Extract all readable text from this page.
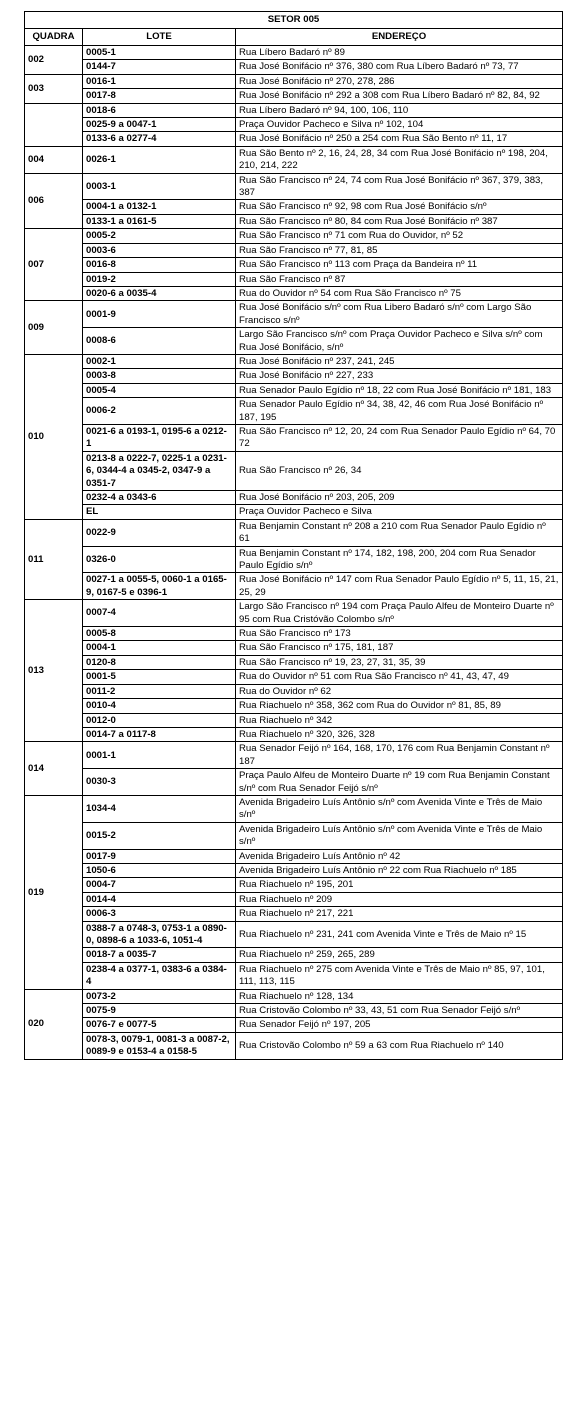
SETOR 005		
QUADRA	LOTE	ENDEREÇO
002	0005-1	Rua Líbero Badaró nº 89
	0144-7	Rua José Bonifácio nº 376, 380 com Rua Líbero Badaró nº 73, 77
003	0016-1	Rua José Bonifácio nº 270, 278, 286
	0017-8	Rua José Bonifácio nº 292 a 308 com Rua Líbero Badaró nº 82, 84, 92
	0018-6	Rua Líbero Badaró nº 94, 100, 106, 110
	0025-9 a 0047-1	Praça Ouvidor Pacheco e Silva nº 102, 104
	0133-6 a 0277-4	Rua José Bonifácio nº 250 a 254 com Rua São Bento nº 11, 17
004	0026-1	Rua São Bento nº 2, 16, 24, 28, 34 com Rua José Bonifácio nº 198, 204, 210, 214, 222
006	0003-1	Rua São Francisco nº 24, 74 com Rua José Bonifácio nº 367, 379, 383, 387
	0004-1 a 0132-1	Rua São Francisco nº 92, 98 com Rua José Bonifácio s/nº
	0133-1 a 0161-5	Rua São Francisco nº 80, 84 com Rua José Bonifácio nº 387
007	0005-2	Rua São Francisco nº 71 com Rua do Ouvidor, nº 52
	0003-6	Rua São Francisco nº 77, 81, 85
	0016-8	Rua São Francisco nº 113 com Praça da Bandeira nº 11
	0019-2	Rua São Francisco nº 87
	0020-6 a 0035-4	Rua do Ouvidor nº 54 com Rua São Francisco nº 75
009	0001-9	Rua José Bonifácio s/nº com Rua Libero Badaró s/nº com Largo São Francisco s/nº
	0008-6	Largo São Francisco s/nº com Praça Ouvidor Pacheco e Silva s/nº com Rua José Bonifácio, s/nº
010	0002-1	Rua José Bonifácio nº 237, 241, 245
	0003-8	Rua José Bonifácio nº 227, 233
	0005-4	Rua Senador Paulo Egídio nº 18, 22 com Rua José Bonifácio nº 181, 183
	0006-2	Rua Senador Paulo Egídio nº 34, 38, 42, 46 com Rua José Bonifácio nº 187, 195
	0021-6 a 0193-1, 0195-6 a 0212-1	Rua São Francisco nº 12, 20, 24 com Rua Senador Paulo Egídio nº 64, 70 72
	0213-8 a 0222-7, 0225-1 a 0231-6, 0344-4 a 0345-2, 0347-9 a 0351-7	Rua São Francisco nº 26, 34
	0232-4 a 0343-6	Rua José Bonifácio nº 203, 205, 209
	EL	Praça Ouvidor Pacheco e Silva
011	0022-9	Rua Benjamin Constant nº 208 a 210 com Rua Senador Paulo Egídio nº 61
	0326-0	Rua Benjamin Constant nº 174, 182, 198, 200, 204 com Rua Senador Paulo Egídio s/nº
	0027-1 a 0055-5, 0060-1 a 0165-9, 0167-5 e 0396-1	Rua José Bonifácio nº 147 com Rua Senador Paulo Egídio nº 5, 11, 15, 21, 25, 29
013	0007-4	Largo São Francisco nº 194 com Praça Paulo Alfeu de Monteiro Duarte nº 95 com Rua Cristóvão Colombo s/nº
	0005-8	Rua São Francisco nº 173
	0004-1	Rua São Francisco nº 175, 181, 187
	0120-8	Rua São Francisco nº 19, 23, 27, 31, 35, 39
	0001-5	Rua do Ouvidor nº 51 com Rua São Francisco nº 41, 43, 47, 49
	0011-2	Rua do Ouvidor nº 62
	0010-4	Rua Riachuelo nº 358, 362 com Rua do Ouvidor nº 81, 85, 89
	0012-0	Rua Riachuelo nº 342
	0014-7 a 0117-8	Rua Riachuelo nº 320, 326, 328
014	0001-1	Rua Senador Feijó nº 164, 168, 170, 176 com Rua Benjamin Constant nº 187
	0030-3	Praça Paulo Alfeu de Monteiro Duarte nº 19 com Rua Benjamin Constant s/nº com Rua Senador Feijó s/nº
019	1034-4	Avenida Brigadeiro Luís Antônio s/nº com Avenida Vinte e Três de Maio s/nº
	0015-2	Avenida Brigadeiro Luís Antônio s/nº com Avenida Vinte e Três de Maio s/nº
	0017-9	Avenida Brigadeiro Luís Antônio nº 42
	1050-6	Avenida Brigadeiro Luís Antônio nº 22 com Rua Riachuelo nº 185
	0004-7	Rua Riachuelo nº 195, 201
	0014-4	Rua Riachuelo nº 209
	0006-3	Rua Riachuelo nº 217, 221
	0388-7 a 0748-3, 0753-1 a 0890-0, 0898-6 a 1033-6, 1051-4	Rua Riachuelo nº 231, 241 com Avenida Vinte e Três de Maio nº 15
	0018-7 a 0035-7	Rua Riachuelo nº 259, 265, 289
	0238-4 a 0377-1, 0383-6 a 0384-4	Rua Riachuelo nº 275 com Avenida Vinte e Três de Maio nº 85, 97, 101, 111, 113, 115
020	0073-2	Rua Riachuelo nº 128, 134
	0075-9	Rua Cristovão Colombo nº 33, 43, 51 com Rua Senador Feijó s/nº
	0076-7 e 0077-5	Rua Senador Feijó nº 197, 205
	0078-3, 0079-1, 0081-3 a 0087-2, 0089-9 e 0153-4 a 0158-5	Rua Cristovão Colombo nº 59 a 63 com Rua Riachuelo nº 140
